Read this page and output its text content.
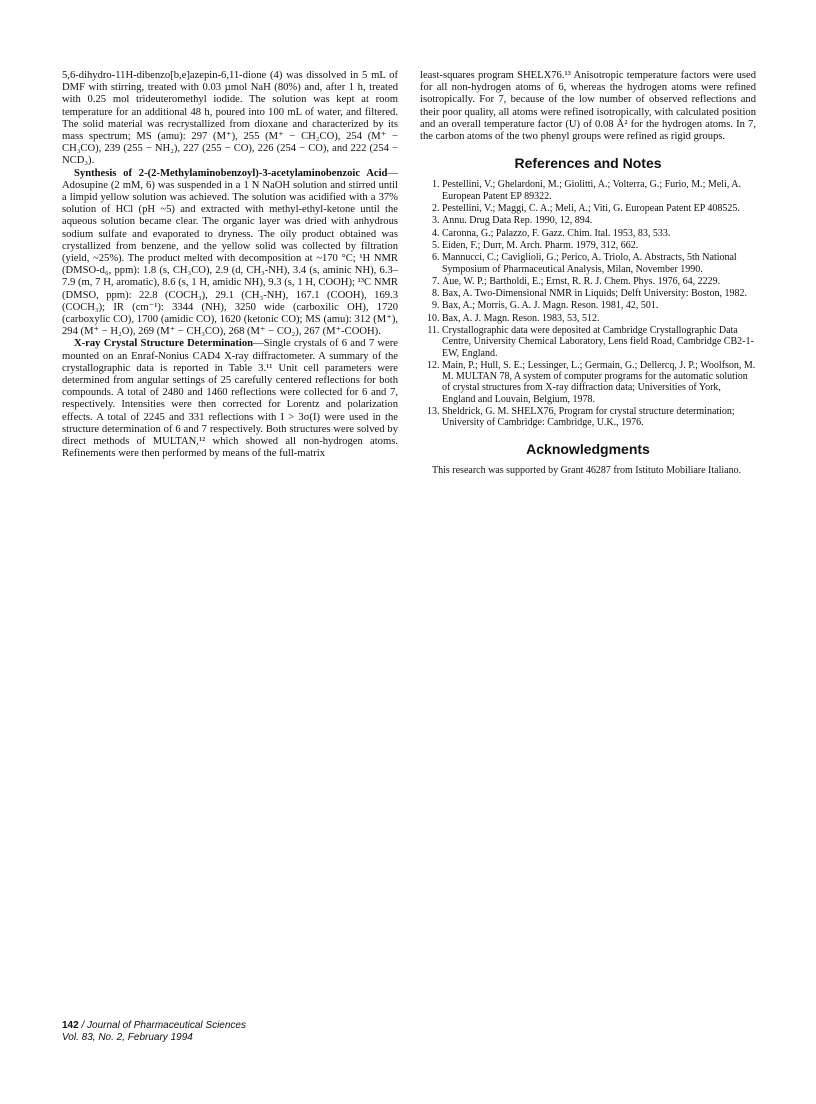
5,6-dihydro-11H-dibenzo[b,e]azepin-6,11-dione (4) was dissolved in 5 mL of DMF with stirring, treated with 0.03 µmol NaH (80%) and, after 1 h, treated with 0.25 mol trideuteromethyl iodide. The solution was kept at room temperature for an additional 48 h, poured into 100 mL of water, and filtered. The solid material was recrystallized from dioxane and characterized by its mass spectrum; MS (amu): 297 (M⁺), 255 (M⁺ − CH₂CO), 254 (M⁺ − CH₃CO), 239 (255 − NH₂), 227 (255 − CO), 226 (254 − CO), and 222 (254 − NCD₃).

Synthesis of 2-(2-Methylaminobenzoyl)-3-acetylaminobenzoic Acid—Adosupine (2 mM, 6) was suspended in a 1 N NaOH solution and stirred until a limpid yellow solution was achieved. The solution was acidified with a 37% solution of HCl (pH ~5) and extracted with methyl-ethyl-ketone until the aqueous solution became clear. The organic layer was dried with anhydrous sodium sulfate and evaporated to dryness. The oily product obtained was crystallized from benzene, and the yellow solid was collected by filtration (yield, ~25%). The product melted with decomposition at ~170 °C; ¹H NMR (DMSO-d₆, ppm): 1.8 (s, CH₃CO), 2.9 (d, CH₃-NH), 3.4 (s, aminic NH), 6.3–7.9 (m, 7 H, aromatic), 8.6 (s, 1 H, amidic NH), 9.3 (s, 1 H, COOH); ¹³C NMR (DMSO, ppm): 22.8 (COCH₃), 29.1 (CH₃-NH), 167.1 (COOH), 169.3 (COCH₃); IR (cm⁻¹): 3344 (NH), 3250 wide (carboxilic OH), 1720 (carboxylic CO), 1700 (amidic CO), 1620 (ketonic CO); MS (amu): 312 (M⁺), 294 (M⁺ − H₂O), 269 (M⁺ − CH₃CO), 268 (M⁺ − CO₂), 267 (M⁺-COOH).

X-ray Crystal Structure Determination—Single crystals of 6 and 7 were mounted on an Enraf-Nonius CAD4 X-ray diffractometer. A summary of the crystallographic data is reported in Table 3.¹¹ Unit cell parameters were determined from angular settings of 25 carefully centered reflections for both compounds. A total of 2480 and 1460 reflections were collected for 6 and 7, respectively. Intensities were then corrected for Lorentz and polarization effects. A total of 2245 and 331 reflections with I > 3σ(I) were used in the structure determination of 6 and 7 respectively. Both structures were solved by direct methods of MULTAN,¹² which showed all non-hydrogen atoms. Refinements were then performed by means of the full-matrix

least-squares program SHELX76.¹³ Anisotropic temperature factors were used for all non-hydrogen atoms of 6, whereas the hydrogen atoms were refined isotropically. For 7, because of the low number of observed reflections and their poor quality, all atoms were refined isotropically, with calculated position and an overall temperature factor (U) of 0.08 Å² for the hydrogen atoms. In 7, the carbon atoms of the two phenyl groups were refined as rigid groups.

References and Notes
1. Pestellini, V.; Ghelardoni, M.; Giolitti, A.; Volterra, G.; Furio, M.; Meli, A. European Patent EP 89322.
2. Pestellini, V.; Maggi, C. A.; Meli, A.; Viti, G. European Patent EP 408525.
3. Annu. Drug Data Rep. 1990, 12, 894.
4. Caronna, G.; Palazzo, F. Gazz. Chim. Ital. 1953, 83, 533.
5. Eiden, F.; Durr, M. Arch. Pharm. 1979, 312, 662.
6. Mannucci, C.; Caviglioli, G.; Perico, A. Triolo, A. Abstracts, 5th National Symposium of Pharmaceutical Analysis, Milan, November 1990.
7. Aue, W. P.; Bartholdi, E.; Ernst, R. R. J. Chem. Phys. 1976, 64, 2229.
8. Bax, A. Two-Dimensional NMR in Liquids; Delft University: Boston, 1982.
9. Bax, A.; Morris, G. A. J. Magn. Reson. 1981, 42, 501.
10. Bax, A. J. Magn. Reson. 1983, 53, 512.
11. Crystallographic data were deposited at Cambridge Crystallographic Data Centre, University Chemical Laboratory, Lens field Road, Cambridge CB2-1-EW, England.
12. Main, P.; Hull, S. E.; Lessinger, L.; Germain, G.; Dellercq, J. P.; Woolfson, M. M. MULTAN 78, A system of computer programs for the automatic solution of crystal structures from X-ray diffraction data; Universities of York, England and Louvain, Belgium, 1978.
13. Sheldrick, G. M. SHELX76, Program for crystal structure determination; University of Cambridge: Cambridge, U.K., 1976.
Acknowledgments

This research was supported by Grant 46287 from Istituto Mobiliare Italiano.

142 / Journal of Pharmaceutical Sciences
Vol. 83, No. 2, February 1994
